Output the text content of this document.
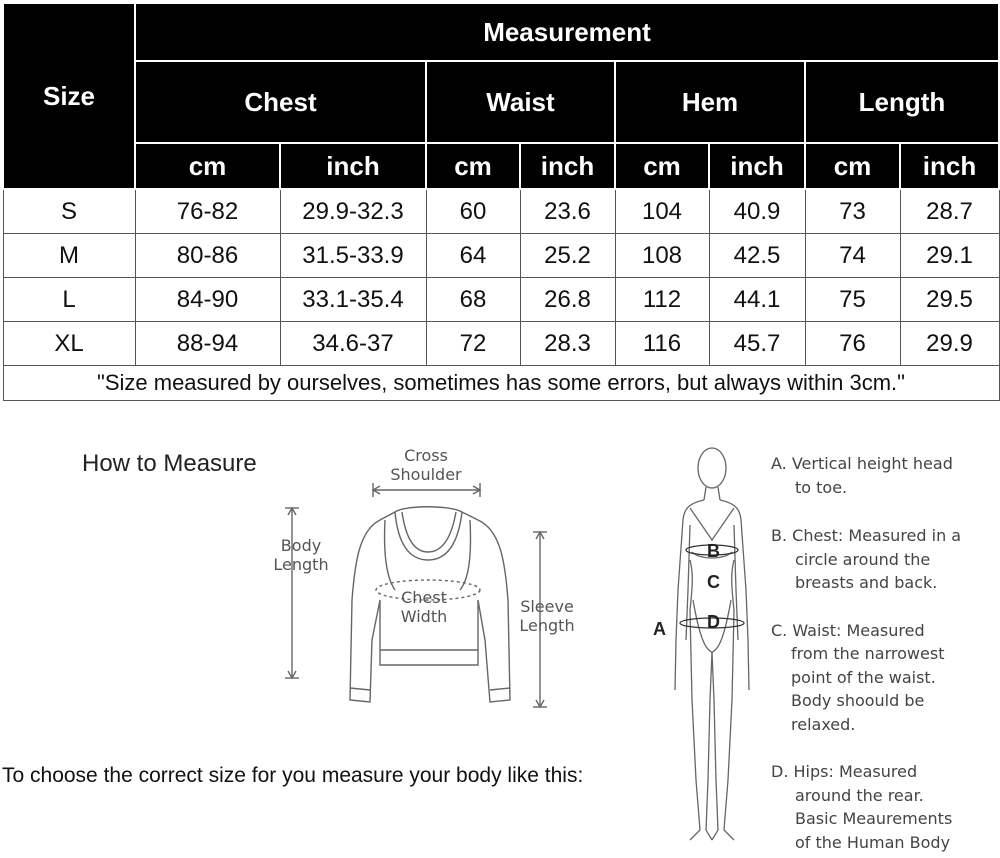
Size	Measurement							
	Chest		Waist		Hem		Length	
	cm	inch	cm	inch	cm	inch	cm	inch
S	76-82	29.9-32.3	60	23.6	104	40.9	73	28.7
M	80-86	31.5-33.9	64	25.2	108	42.5	74	29.1
L	84-90	33.1-35.4	68	26.8	112	44.1	75	29.5
XL	88-94	34.6-37	72	28.3	116	45.7	76	29.9
"Size measured by ourselves, sometimes has some errors, but always within 3cm."								
How to Measure
To choose the correct size for you measure your body like this:
Cross
Shoulder
Body
Length
Chest
Width
Sleeve
Length	A
B
C
D
A. Vertical height head
to toe.
B. Chest: Measured in a
circle around the
breasts and back.
C. Waist: Measured
from the narrowest
point of the waist.
Body shoould be
relaxed.
D. Hips: Measured
around the rear.
Basic Meaurements
of the Human Body
